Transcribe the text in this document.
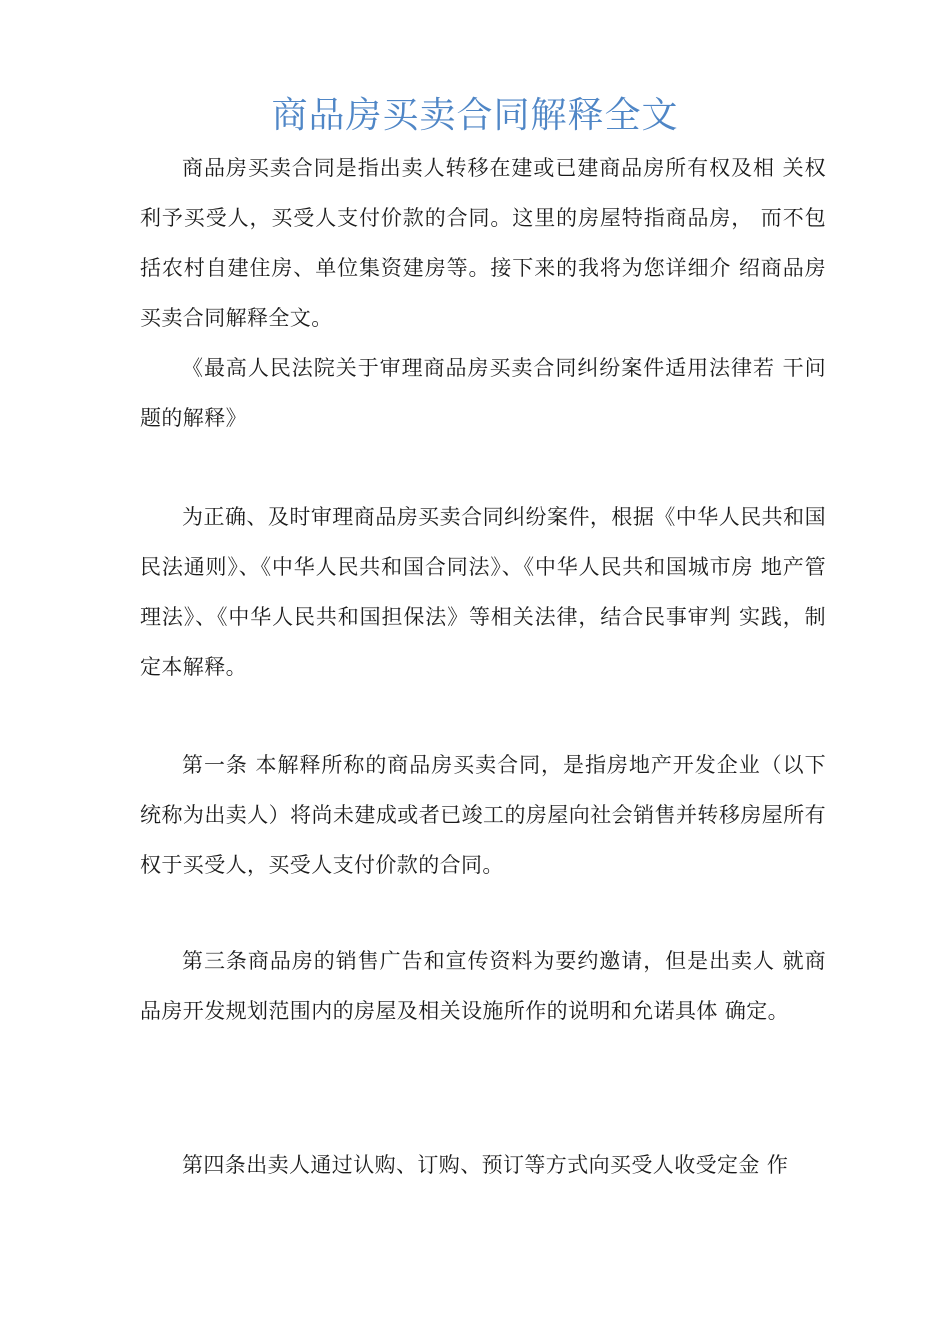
商品房买卖合同解释全文

商品房买卖合同是指出卖人转移在建或已建商品房所有权及相 关权利予买受人，买受人支付价款的合同。这里的房屋特指商品房， 而不包括农村自建住房、单位集资建房等。接下来的我将为您详细介 绍商品房买卖合同解释全文。

《最高人民法院关于审理商品房买卖合同纠纷案件适用法律若 干问题的解释》

为正确、及时审理商品房买卖合同纠纷案件，根据《中华人民共和国民法通则》、《中华人民共和国合同法》、《中华人民共和国城市房 地产管理法》、《中华人民共和国担保法》等相关法律，结合民事审判 实践，制定本解释。

第一条 本解释所称的商品房买卖合同，是指房地产开发企业（以下统称为出卖人）将尚未建成或者已竣工的房屋向社会销售并转移房屋所有权于买受人，买受人支付价款的合同。

第三条商品房的销售广告和宣传资料为要约邀请，但是出卖人 就商品房开发规划范围内的房屋及相关设施所作的说明和允诺具体 确定。

第四条出卖人通过认购、订购、预订等方式向买受人收受定金 作
